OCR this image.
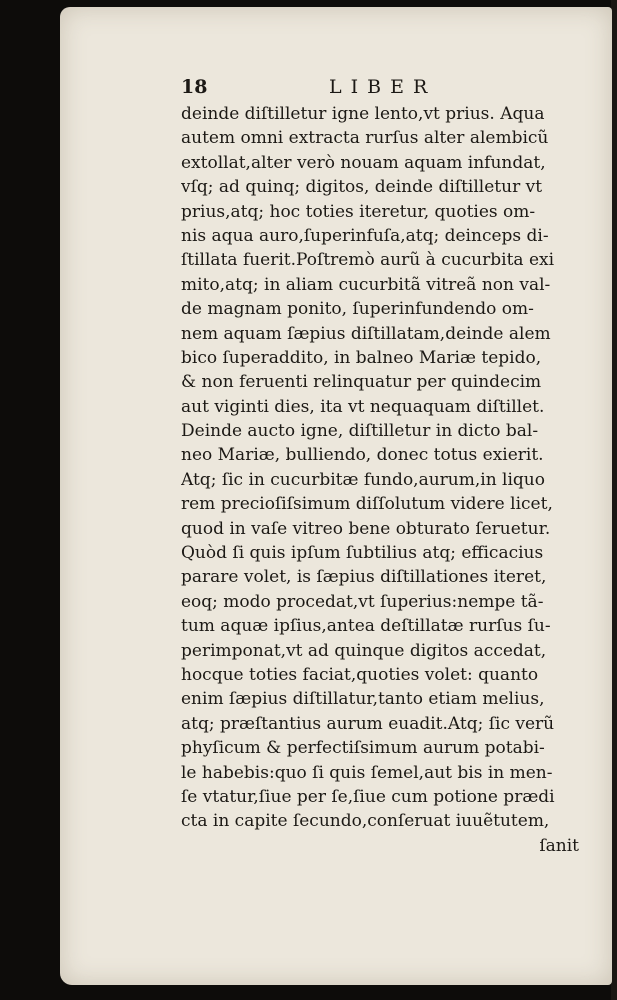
18	LIBER
deinde diſtilletur igne lento,vt prius. Aqua
autem omni extracta rurſus alter alembicũ
extollat,alter verò nouam aquam infundat,
vſq; ad quinq; digitos, deinde diſtilletur vt
prius,atq; hoc toties iteretur, quoties om-
nis aqua auro,ſuperinfuſa,atq; deinceps di-
ſtillata fuerit.Poſtremò aurũ à cucurbita exi
mito,atq; in aliam cucurbitã vitreã non val-
de magnam ponito, ſuperinfundendo om-
nem aquam ſæpius diſtillatam,deinde alem
bico ſuperaddito, in balneo Mariæ tepido,
& non feruenti relinquatur per quindecim
aut viginti dies, ita vt nequaquam diſtillet.
Deinde aucto igne, diſtilletur in dicto bal-
neo Mariæ, bulliendo, donec totus exierit.
Atq; ſic in cucurbitæ fundo,aurum,in liquo
rem precioſiſsimum diſſolutum videre licet,
quod in vaſe vitreo bene obturato ſeruetur.
Quòd ſi quis ipſum ſubtilius atq; efficacius
parare volet, is ſæpius diſtillationes iteret,
eoq; modo procedat,vt ſuperius:nempe tã-
tum aquæ ipſius,antea deſtillatæ rurſus ſu-
perimponat,vt ad quinque digitos accedat,
hocque toties faciat,quoties volet: quanto
enim ſæpius diſtillatur,tanto etiam melius,
atq; præſtantius aurum euadit.Atq; ſic verũ
phyſicum & perfectiſsimum aurum potabi-
le habebis:quo ſi quis ſemel,aut bis in men-
ſe vtatur,ſiue per ſe,ſiue cum potione prædi
cta in capite ſecundo,conſeruat iuuẽtutem,
ſanit
